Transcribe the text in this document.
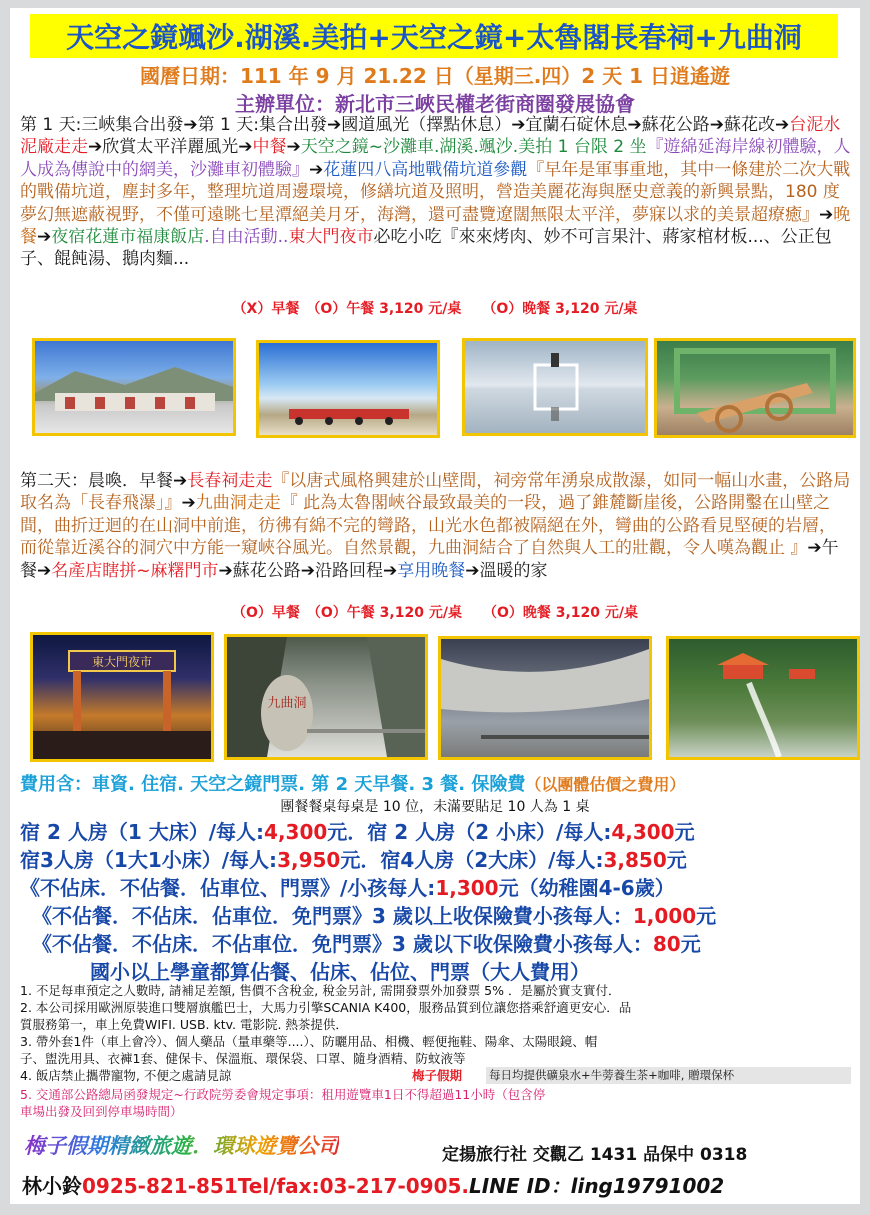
天空之鏡颯沙.湖溪.美拍+天空之鏡+太魯閣長春祠+九曲洞
國曆日期：111 年 9 月 21.22 日（星期三.四）2 天 1 日逍遙遊
主辦單位：新北市三峽民權老街商圈發展協會
第 1 天:三峽集合出發➔第 1 天:集合出發➔國道風光（擇點休息）➔宜蘭石碇休息➔蘇花公路➔蘇花改➔台泥水泥廠走走➔欣賞太平洋麗風光➔中餐➔天空之鏡~沙灘車.湖溪.颯沙.美拍 1 台限 2 坐『遊綿延海岸線初體驗，人人成為傳說中的網美，沙灘車初體驗』➔花蓮四八高地戰備坑道參觀『早年是軍事重地，其中一條建於二次大戰的戰備坑道，塵封多年，整理坑道周邊環境，修繕坑道及照明，營造美麗花海與歷史意義的新興景點，180 度夢幻無遮蔽視野，不僅可遠眺七星潭絕美月牙，海灣，還可盡覽遼闊無限太平洋，夢寐以求的美景超療癒』➔晚餐➔夜宿花蓮市福康飯店.自由活動..東大門夜市必吃小吃『來來烤肉、妙不可言果汁、蔣家棺材板...、公正包子、餛飩湯、鵝肉麵...
（X）早餐　（O）午餐 3,120 元/桌　　（O）晚餐 3,120 元/桌
第二天：晨喚．早餐➔長春祠走走『以唐式風格興建於山壁間，祠旁常年湧泉成散瀑，如同一幅山水畫，公路局取名為「長春飛瀑」』➔九曲洞走走『 此為太魯閣峽谷最致最美的一段，過了錐麓斷崖後，公路開鑿在山壁之間，曲折迂迴的在山洞中前進，彷彿有綿不完的彎路，山光水色都被隔絕在外，彎曲的公路看見堅硬的岩層，而從靠近溪谷的洞穴中方能一窺峽谷風光。自然景觀，九曲洞結合了自然與人工的壯觀，令人嘆為觀止 』➔午餐➔名產店瞎拼~麻糬門市➔蘇花公路➔沿路回程➔享用晚餐➔溫暖的家
（O）早餐　（O）午餐 3,120 元/桌　　（O）晚餐 3,120 元/桌
東大門夜市
九曲洞
費用含：車資. 住宿. 天空之鏡門票. 第 2 天早餐. 3 餐. 保險費（以團體估價之費用）
團餐餐桌每桌是 10 位，未滿要貼足 10 人為 1 桌
宿 2 人房（1 大床）/每人:4,300元．宿 2 人房（2 小床）/每人:4,300元
宿3人房（1大1小床）/每人:3,950元．宿4人房（2大床）/每人:3,850元
《不佔床．不佔餐．佔車位、門票》/小孩每人:1,300元（幼稚園4-6歲）
《不佔餐．不佔床．佔車位．免門票》3 歲以上收保險費小孩每人：1,000元
《不佔餐．不佔床．不佔車位．免門票》3 歲以下收保險費小孩每人：80元
國小以上學童都算佔餐、佔床、佔位、門票（大人費用）
1. 不足每車預定之人數時, 請補足差額, 售價不含稅金, 稅金另計, 需開發票外加發票 5% ．是屬於實支實付．
2. 本公司採用歐洲原裝進口雙層旗艦巴士，大馬力引擎SCANIA K400，服務品質到位讓您搭乘舒適更安心．品
質服務第一，車上免費WIFI. USB. ktv. 電影院. 熱茶提供．
3. 帶外套1件（車上會冷）、個人藥品（量車藥等....）、防曬用品、相機、輕便拖鞋、陽傘、太陽眼鏡、帽
子、盥洗用具、衣褲1套、健保卡、保溫瓶、環保袋、口罩、隨身酒精、防蚊液等
4. 飯店禁止攜帶寵物, 不便之處請見諒	梅子假期 每日均提供礦泉水+牛蒡養生茶+咖啡, 贈環保杯
5. 交通部公路總局函發規定~行政院勞委會規定事項：租用遊覽車1日不得超過11小時（包含停
車場出發及回到停車場時間）
梅子假期精緻旅遊．環球遊覽公司	定揚旅行社 交觀乙 1431 品保中 0318
林小鈴0925-821-851Tel/fax:03-217-0905.LINE ID：ling19791002
